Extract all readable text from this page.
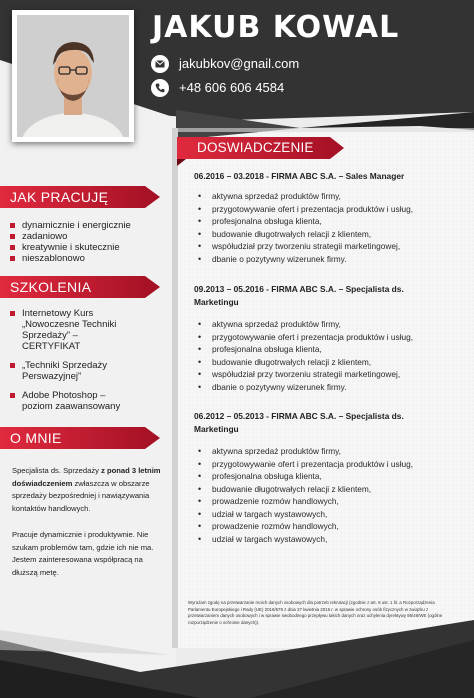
JAKUB KOWAL
jakubkov@gnail.com
+48 606 606 4584
JAK PRACUJĘ
dynamicznie i energicznie
zadaniowo
kreatywnie i skutecznie
nieszablonowo
SZKOLENIA
Internetowy Kurs „Nowoczesne Techniki Sprzedaży” – CERTYFIKAT
„Techniki Sprzedaży Perswazyjnej”
Adobe Photoshop – poziom zaawansowany
O MNIE
Specjalista ds. Sprzedaży z ponad 3 letnim doświadczeniem zwłaszcza w obszarze sprzedaży bezpośredniej i nawiązywania kontaktów handlowych.
Pracuje dynamicznie i produktywnie. Nie szukam problemów tam, gdzie ich nie ma. Jestem zainteresowana współpracą na dłuższą metę.
DOSWIADCZENIE
06.2016 – 03.2018 - FIRMA ABC S.A. – Sales Manager
• aktywna sprzedaż produktów firmy,
• przygotowywanie ofert i prezentacja produktów i usług,
• profesjonalna obsługa klienta,
• budowanie długotrwałych relacji z klientem,
• współudział przy tworzeniu strategii marketingowej,
• dbanie o pozytywny wizerunek firmy.
09.2013 – 05.2016 - FIRMA ABC S.A. – Specjalista ds. Marketingu
• aktywna sprzedaż produktów firmy,
• przygotowywanie ofert i prezentacja produktów i usług,
• profesjonalna obsługa klienta,
• budowanie długotrwałych relacji z klientem,
• współudział przy tworzeniu strategii marketingowej,
• dbanie o pozytywny wizerunek firmy.
06.2012 – 05.2013 - FIRMA ABC S.A. – Specjalista ds. Marketingu
• aktywna sprzedaż produktów firmy,
• przygotowywanie ofert i prezentacja produktów i usług,
• profesjonalna obsługa klienta,
• budowanie długotrwałych relacji z klientem,
• prowadzenie rozmów handlowych,
• udział w targach wystawowych,
• prowadzenie rozmów handlowych,
• udział w targach wystawowych,
Wyrażam zgodę na przetwarzanie moich danych osobowych dla potrzeb rekrutacji (zgodnie z art. 6 ust. 1 lit. a Rozporządzenia Parlamentu Europejskiego i Rady (UE) 2016/679 z dnia 27 kwietnia 2016 r. w sprawie ochrony osób fizycznych w związku z przetwarzaniem danych osobowych i w sprawie swobodnego przepływu takich danych oraz uchylenia dyrektywy 95/46/WE (ogólne rozporządzenie o ochronie danych)).
